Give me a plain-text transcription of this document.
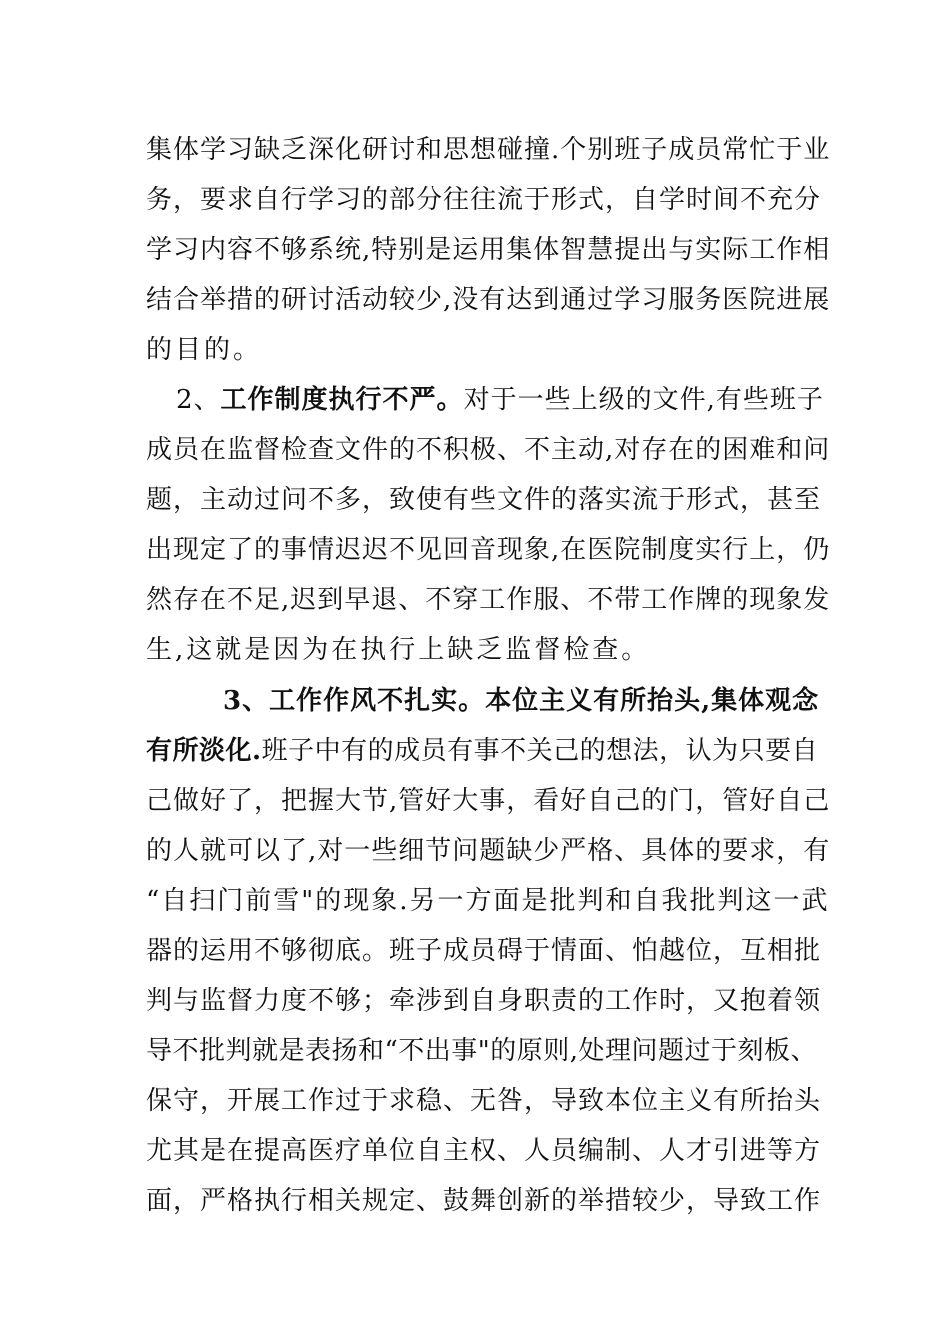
集体学习缺乏深化研讨和思想碰撞.个别班子成员常忙于业
务，要求自行学习的部分往往流于形式，自学时间不充分
学习内容不够系统,特别是运用集体智慧提出与实际工作相
结合举措的研讨活动较少,没有达到通过学习服务医院进展
的目的。
2、工作制度执行不严。对于一些上级的文件,有些班子
成员在监督检查文件的不积极、不主动,对存在的困难和问
题，主动过问不多，致使有些文件的落实流于形式，甚至
出现定了的事情迟迟不见回音现象,在医院制度实行上，仍
然存在不足,迟到早退、不穿工作服、不带工作牌的现象发
生,这就是因为在执行上缺乏监督检查。
3、工作作风不扎实。本位主义有所抬头,集体观念
有所淡化.班子中有的成员有事不关己的想法，认为只要自
己做好了，把握大节,管好大事，看好自己的门，管好自己
的人就可以了,对一些细节问题缺少严格、具体的要求，有
“自扫门前雪"的现象.另一方面是批判和自我批判这一武
器的运用不够彻底。班子成员碍于情面、怕越位，互相批
判与监督力度不够；牵涉到自身职责的工作时，又抱着领
导不批判就是表扬和“不出事"的原则,处理问题过于刻板、
保守，开展工作过于求稳、无咎，导致本位主义有所抬头
尤其是在提高医疗单位自主权、人员编制、人才引进等方
面，严格执行相关规定、鼓舞创新的举措较少，导致工作
